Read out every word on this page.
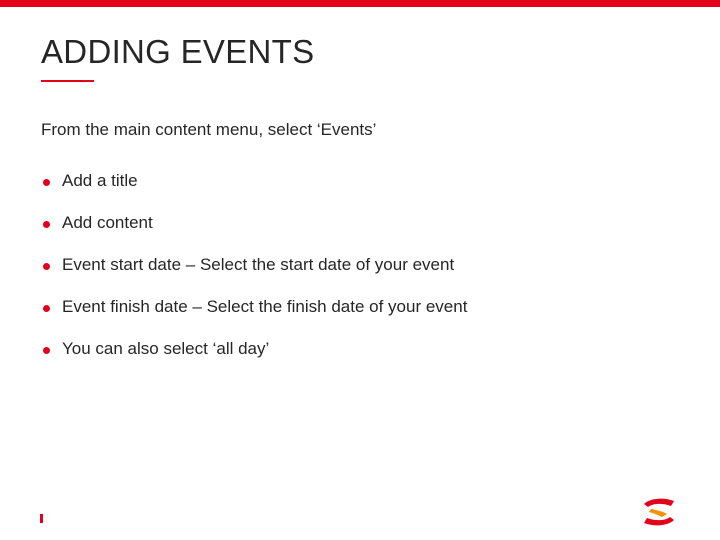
ADDING EVENTS

From the main content menu, select ‘Events’

Add a title
Add content
Event start date – Select the start date of your event
Event finish date – Select the finish date of your event
You can also select ‘all day’
